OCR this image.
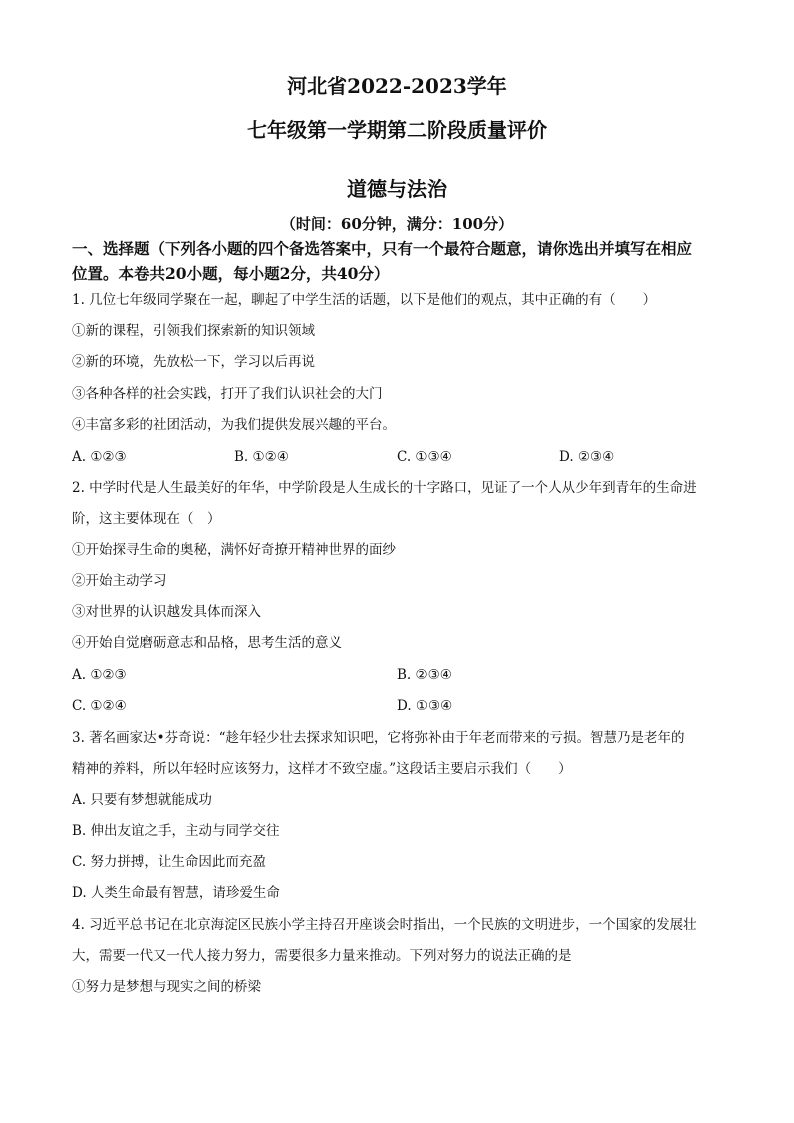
河北省2022-2023学年
七年级第一学期第二阶段质量评价
道德与法治
（时间：60分钟，满分：100分）
一、选择题（下列各小题的四个备选答案中，只有一个最符合题意，请你选出并填写在相应
位置。本卷共20小题，每小题2分，共40分）
1. 几位七年级同学聚在一起，聊起了中学生活的话题，以下是他们的观点，其中正确的有（　　）
①新的课程，引领我们探索新的知识领域
②新的环境，先放松一下，学习以后再说
③各种各样的社会实践，打开了我们认识社会的大门
④丰富多彩的社团活动，为我们提供发展兴趣的平台。
A. ①②③	B. ①②④	C. ①③④	D. ②③④
2. 中学时代是人生最美好的年华，中学阶段是人生成长的十字路口，见证了一个人从少年到青年的生命进
阶，这主要体现在（　）
①开始探寻生命的奥秘，满怀好奇撩开精神世界的面纱
②开始主动学习
③对世界的认识越发具体而深入
④开始自觉磨砺意志和品格，思考生活的意义
A. ①②③	B. ②③④
C. ①②④	D. ①③④
3. 著名画家达•芬奇说：“趁年轻少壮去探求知识吧，它将弥补由于年老而带来的亏损。智慧乃是老年的
精神的养料，所以年轻时应该努力，这样才不致空虚。”这段话主要启示我们（　　）
A. 只要有梦想就能成功
B. 伸出友谊之手，主动与同学交往
C. 努力拼搏，让生命因此而充盈
D. 人类生命最有智慧，请珍爱生命
4. 习近平总书记在北京海淀区民族小学主持召开座谈会时指出，一个民族的文明进步，一个国家的发展壮
大，需要一代又一代人接力努力，需要很多力量来推动。下列对努力的说法正确的是
①努力是梦想与现实之间的桥梁
